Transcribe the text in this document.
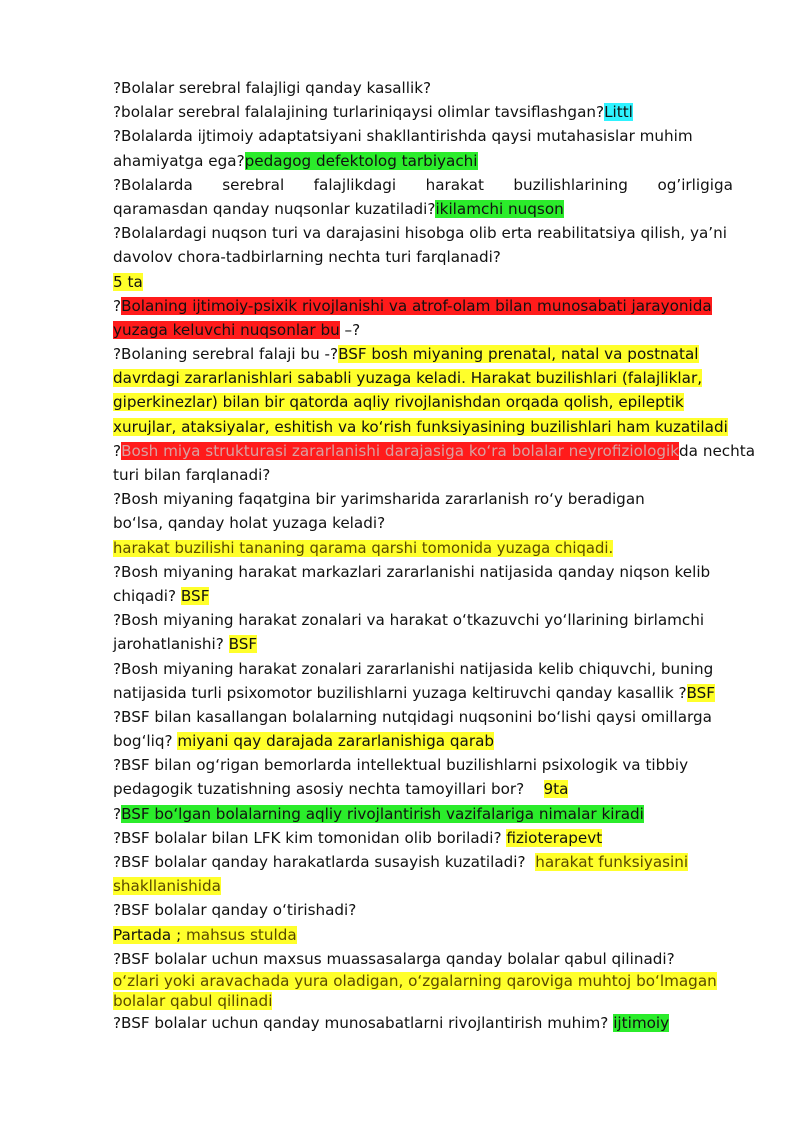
?Bolalar serebral falajligi qanday kasallik?
?bolalar serebral falalajining turlariniqaysi olimlar tavsiflashgan?Littl
?Bolalarda ijtimoiy adaptatsiyani shakllantirishda qaysi mutahasislar muhim
ahamiyatga ega?pedagog defektolog tarbiyachi
?Bolalarda serebral falajlikdagi harakat buzilishlarining og’irligiga
qaramasdan qanday nuqsonlar kuzatiladi?ikilamchi nuqson
?Bolalardagi nuqson turi va darajasini hisobga olib erta reabilitatsiya qilish, ya’ni
davolov chora-tadbirlarning nechta turi farqlanadi?
5 ta
?Bolaning ijtimoiy-psixik rivojlanishi va atrof-olam bilan munosabati jarayonida
yuzaga keluvchi nuqsonlar bu –?
?Bolaning serebral falaji bu -?BSF bosh miyaning prenatal, natal va postnatal
davrdagi zararlanishlari sababli yuzaga keladi. Harakat buzilishlari (falajliklar,
giperkinezlar) bilan bir qatorda aqliy rivojlanishdan orqada qolish, epileptik
xurujlar, ataksiyalar, eshitish va ko‘rish funksiyasining buzilishlari ham kuzatiladi
?Bosh miya strukturasi zararlanishi darajasiga ko‘ra bolalar neyrofiziologikda nechta
turi bilan farqlanadi?
?Bosh miyaning faqatgina bir yarimsharida zararlanish ro‘y beradigan
bo‘lsa, qanday holat yuzaga keladi?
harakat buzilishi tananing qarama qarshi tomonida yuzaga chiqadi.
?Bosh miyaning harakat markazlari zararlanishi natijasida qanday niqson kelib
chiqadi? BSF
?Bosh miyaning harakat zonalari va harakat o‘tkazuvchi yo‘llarining birlamchi
jarohatlanishi? BSF
?Bosh miyaning harakat zonalari zararlanishi natijasida kelib chiquvchi, buning
natijasida turli psixomotor buzilishlarni yuzaga keltiruvchi qanday kasallik ?BSF
?BSF bilan kasallangan bolalarning nutqidagi nuqsonini bo‘lishi qaysi omillarga
bog‘liq? miyani qay darajada zararlanishiga qarab
?BSF bilan og‘rigan bemorlarda intellektual buzilishlarni psixologik va tibbiy
pedagogik tuzatishning asosiy nechta tamoyillari bor?    9ta
?BSF bo‘lgan bolalarning aqliy rivojlantirish vazifalariga nimalar kiradi
?BSF bolalar bilan LFK kim tomonidan olib boriladi? fizioterapevt
?BSF bolalar qanday harakatlarda susayish kuzatiladi?  harakat funksiyasini
shakllanishida
?BSF bolalar qanday o‘tirishadi?
Partada ; mahsus stulda
?BSF bolalar uchun maxsus muassasalarga qanday bolalar qabul qilinadi?
o‘zlari yoki aravachada yura oladigan, o‘zgalarning qaroviga muhtoj bo‘lmagan
bolalar qabul qilinadi
?BSF bolalar uchun qanday munosabatlarni rivojlantirish muhim? ijtimoiy
